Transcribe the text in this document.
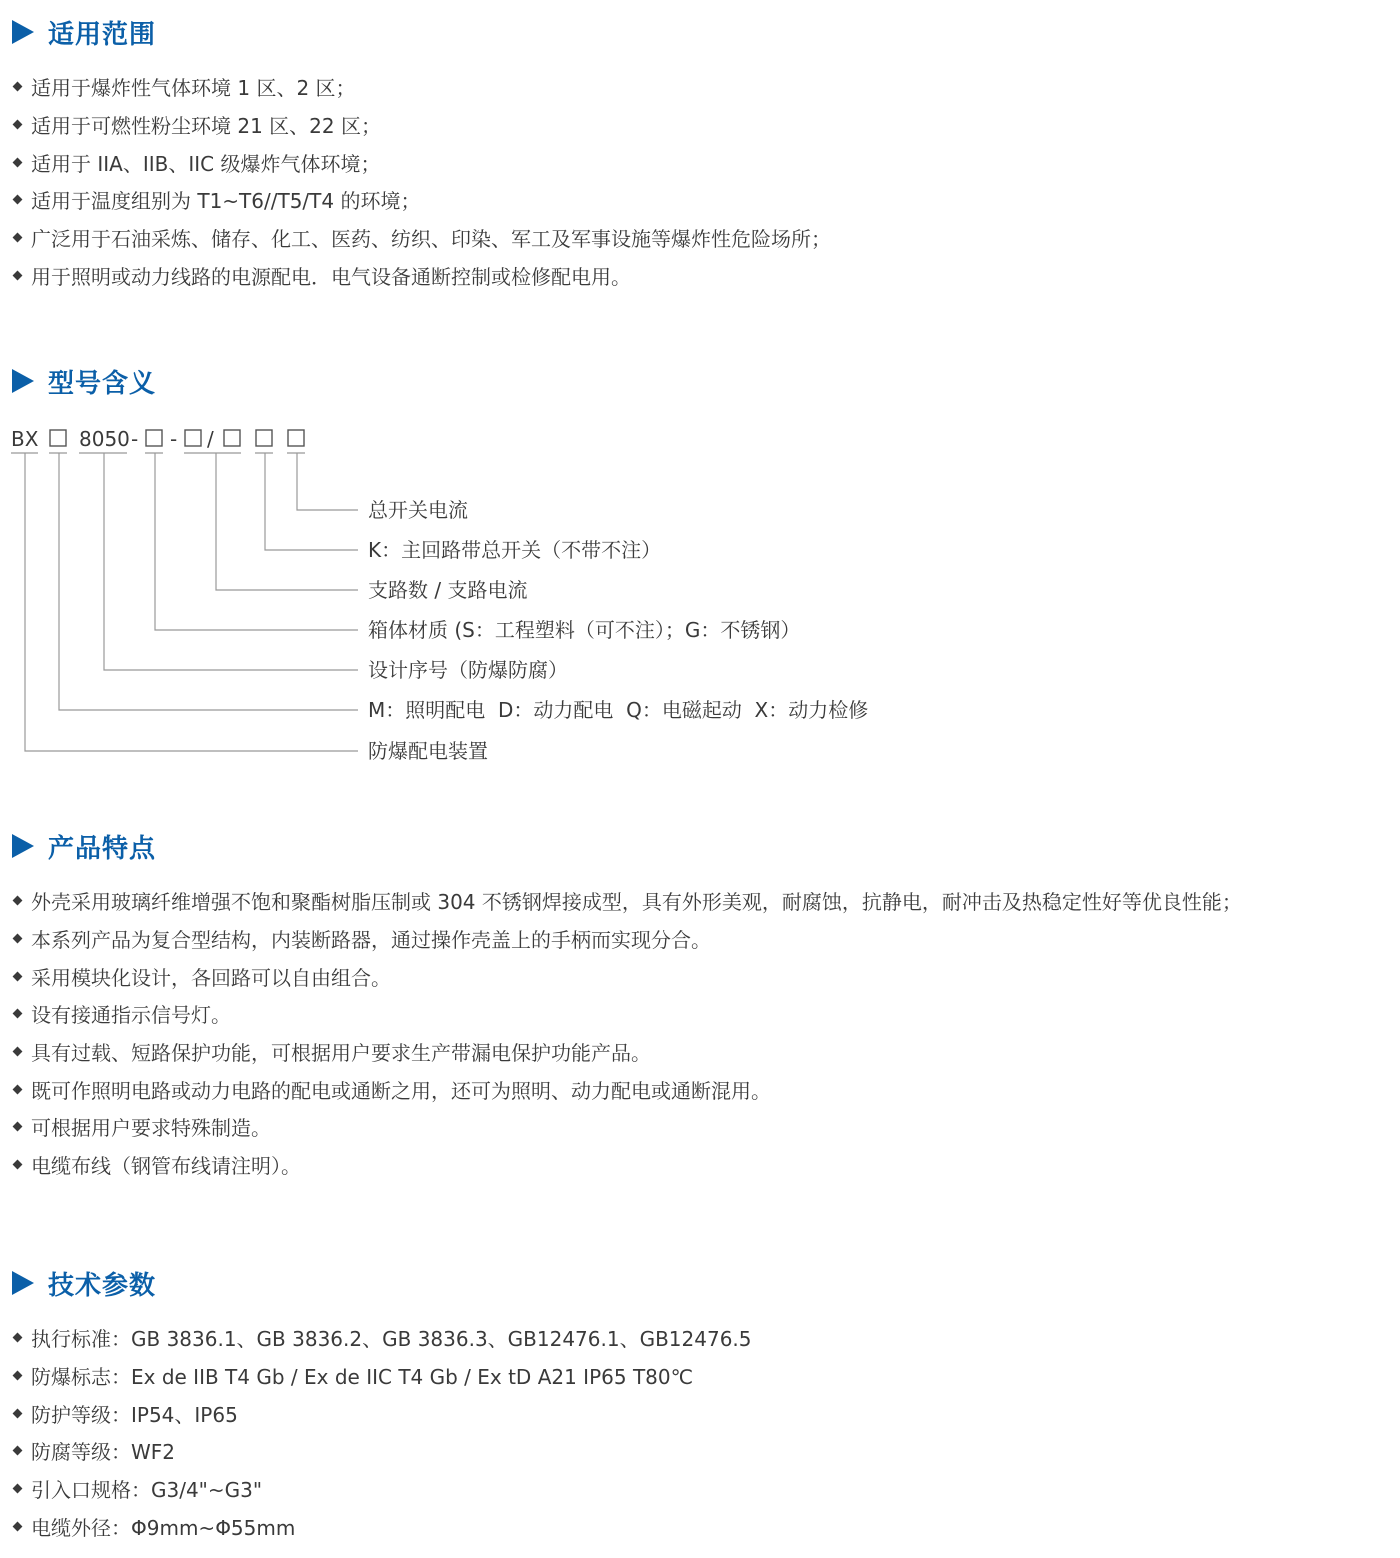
适用范围
适用于爆炸性气体环境 1 区、2 区；
适用于可燃性粉尘环境 21 区、22 区；
适用于 IIA、IIB、IIC 级爆炸气体环境；
适用于温度组别为 T1~T6//T5/T4 的环境；
广泛用于石油采炼、储存、化工、医药、纺织、印染、军工及军事设施等爆炸性危险场所；
用于照明或动力线路的电源配电．电气设备通断控制或检修配电用。
型号含义
BX 8050 - - /
总开关电流
K：主回路带总开关（不带不注）
支路数 / 支路电流
箱体材质 (S：工程塑料（可不注）；G：不锈钢）
设计序号（防爆防腐）
M：照明配电  D：动力配电  Q：电磁起动  X：动力检修
防爆配电装置
产品特点
外壳采用玻璃纤维增强不饱和聚酯树脂压制或 304 不锈钢焊接成型，具有外形美观，耐腐蚀，抗静电，耐冲击及热稳定性好等优良性能；
本系列产品为复合型结构，内装断路器，通过操作壳盖上的手柄而实现分合。
采用模块化设计，各回路可以自由组合。
设有接通指示信号灯。
具有过载、短路保护功能，可根据用户要求生产带漏电保护功能产品。
既可作照明电路或动力电路的配电或通断之用，还可为照明、动力配电或通断混用。
可根据用户要求特殊制造。
电缆布线（钢管布线请注明）。
技术参数
执行标准：GB 3836.1、GB 3836.2、GB 3836.3、GB12476.1、GB12476.5
防爆标志：Ex de IIB T4 Gb / Ex de IIC T4 Gb / Ex tD A21 IP65 T80℃
防护等级：IP54、IP65
防腐等级：WF2
引入口规格：G3/4"~G3"
电缆外径：Φ9mm~Φ55mm
